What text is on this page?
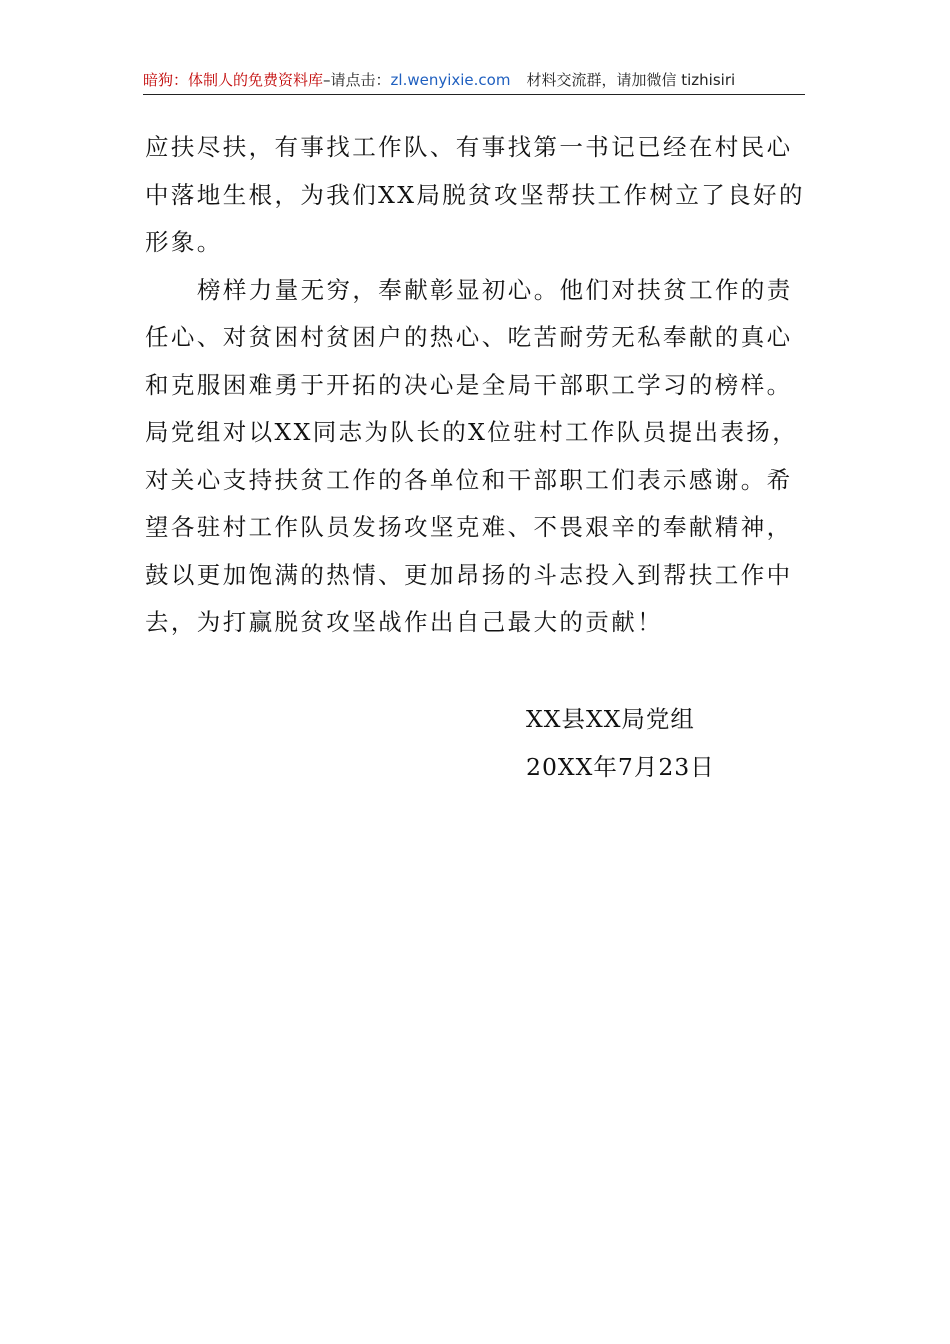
暗狗：体制人的免费资料库–请点击：zl.wenyixie.com 材料交流群，请加微信 tizhisiri

应扶尽扶，有事找工作队、有事找第一书记已经在村民心中落地生根，为我们XX局脱贫攻坚帮扶工作树立了良好的形象。

榜样力量无穷，奉献彰显初心。他们对扶贫工作的责任心、对贫困村贫困户的热心、吃苦耐劳无私奉献的真心和克服困难勇于开拓的决心是全局干部职工学习的榜样。局党组对以XX同志为队长的X位驻村工作队员提出表扬，对关心支持扶贫工作的各单位和干部职工们表示感谢。希望各驻村工作队员发扬攻坚克难、不畏艰辛的奉献精神，鼓以更加饱满的热情、更加昂扬的斗志投入到帮扶工作中去，为打赢脱贫攻坚战作出自己最大的贡献！

XX县XX局党组
20XX年7月23日
